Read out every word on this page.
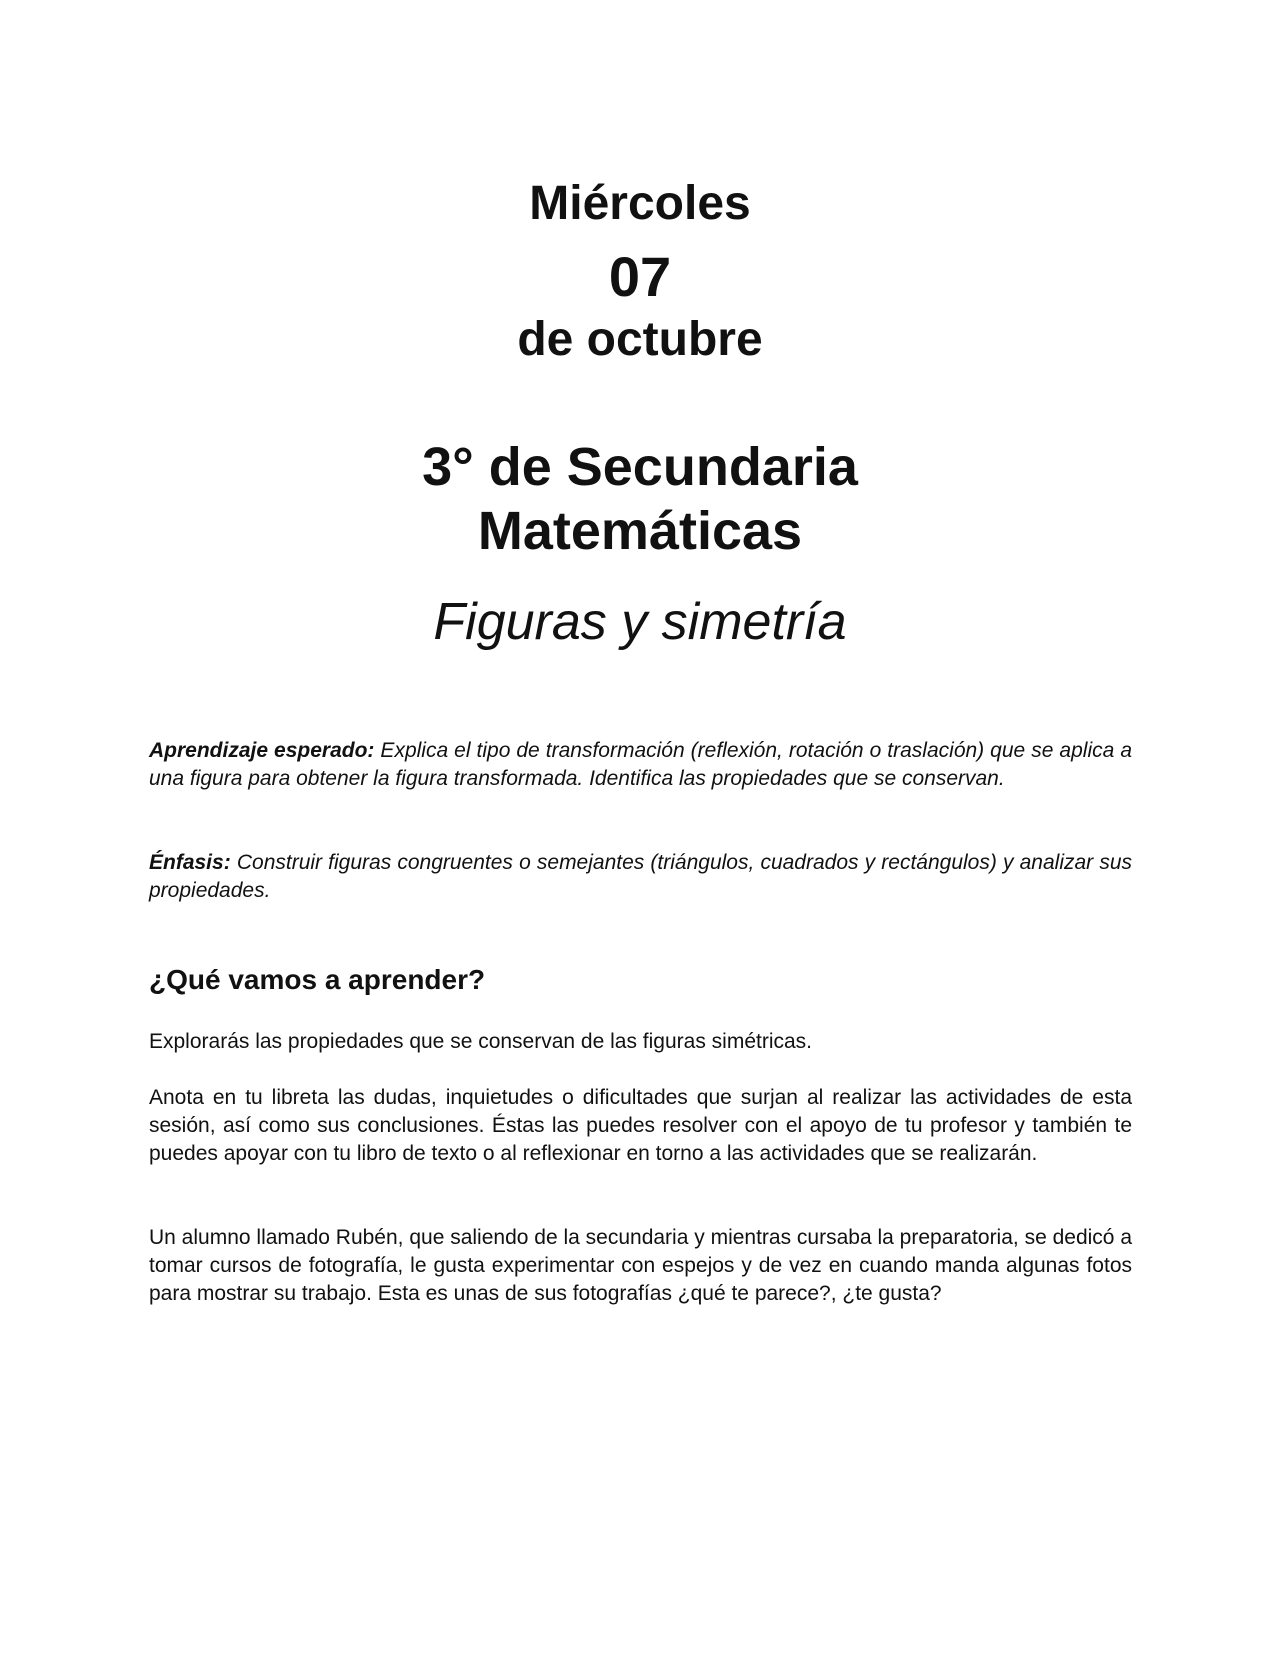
Miércoles
07
de octubre
3° de Secundaria
Matemáticas
Figuras y simetría
Aprendizaje esperado: Explica el tipo de transformación (reflexión, rotación o traslación) que se aplica a una figura para obtener la figura transformada. Identifica las propiedades que se conservan.
Énfasis: Construir figuras congruentes o semejantes (triángulos, cuadrados y rectángulos) y analizar sus propiedades.
¿Qué vamos a aprender?
Explorarás las propiedades que se conservan de las figuras simétricas.
Anota en tu libreta las dudas, inquietudes o dificultades que surjan al realizar las actividades de esta sesión, así como sus conclusiones. Éstas las puedes resolver con el apoyo de tu profesor y también te puedes apoyar con tu libro de texto o al reflexionar en torno a las actividades que se realizarán.
Un alumno llamado Rubén, que saliendo de la secundaria y mientras cursaba la preparatoria, se dedicó a tomar cursos de fotografía, le gusta experimentar con espejos y de vez en cuando manda algunas fotos para mostrar su trabajo. Esta es unas de sus fotografías ¿qué te parece?, ¿te gusta?
